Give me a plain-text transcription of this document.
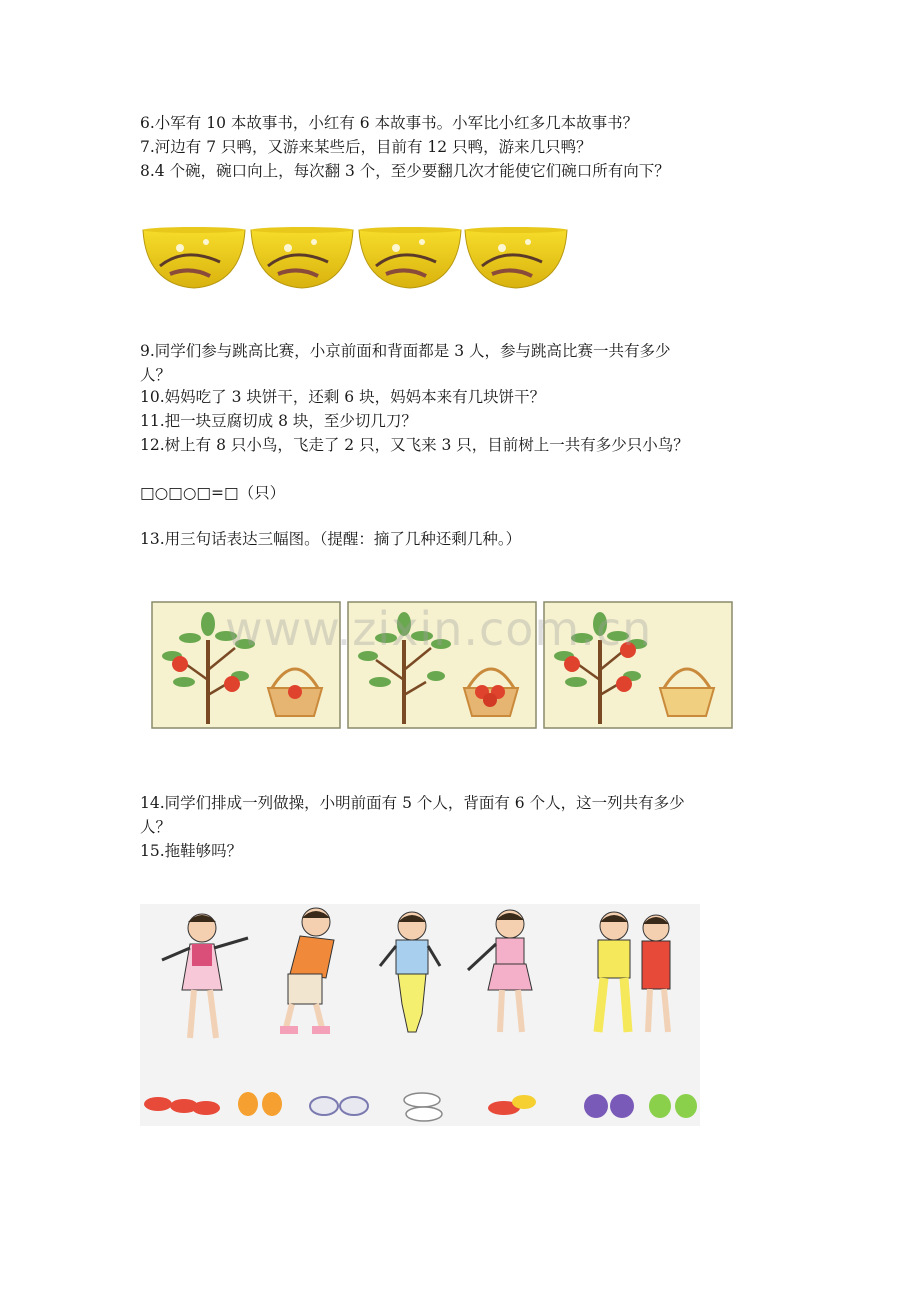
6.小军有 10 本故事书，小红有 6 本故事书。小军比小红多几本故事书？
7.河边有 7 只鸭，又游来某些后，目前有 12 只鸭，游来几只鸭？
8.4 个碗，碗口向上，每次翻 3 个，至少要翻几次才能使它们碗口所有向下？
9.同学们参与跳高比赛，小京前面和背面都是 3 人，参与跳高比赛一共有多少
人？
10.妈妈吃了 3 块饼干，还剩 6 块，妈妈本来有几块饼干？
11.把一块豆腐切成 8 块，至少切几刀？
12.树上有 8 只小鸟，飞走了 2 只，又飞来 3 只，目前树上一共有多少只小鸟？
□○□○□=□（只）
13.用三句话表达三幅图。（提醒：摘了几种还剩几种。）
www.zixin.com.cn
14.同学们排成一列做操，小明前面有 5 个人，背面有 6 个人，这一列共有多少
人？
15.拖鞋够吗？
